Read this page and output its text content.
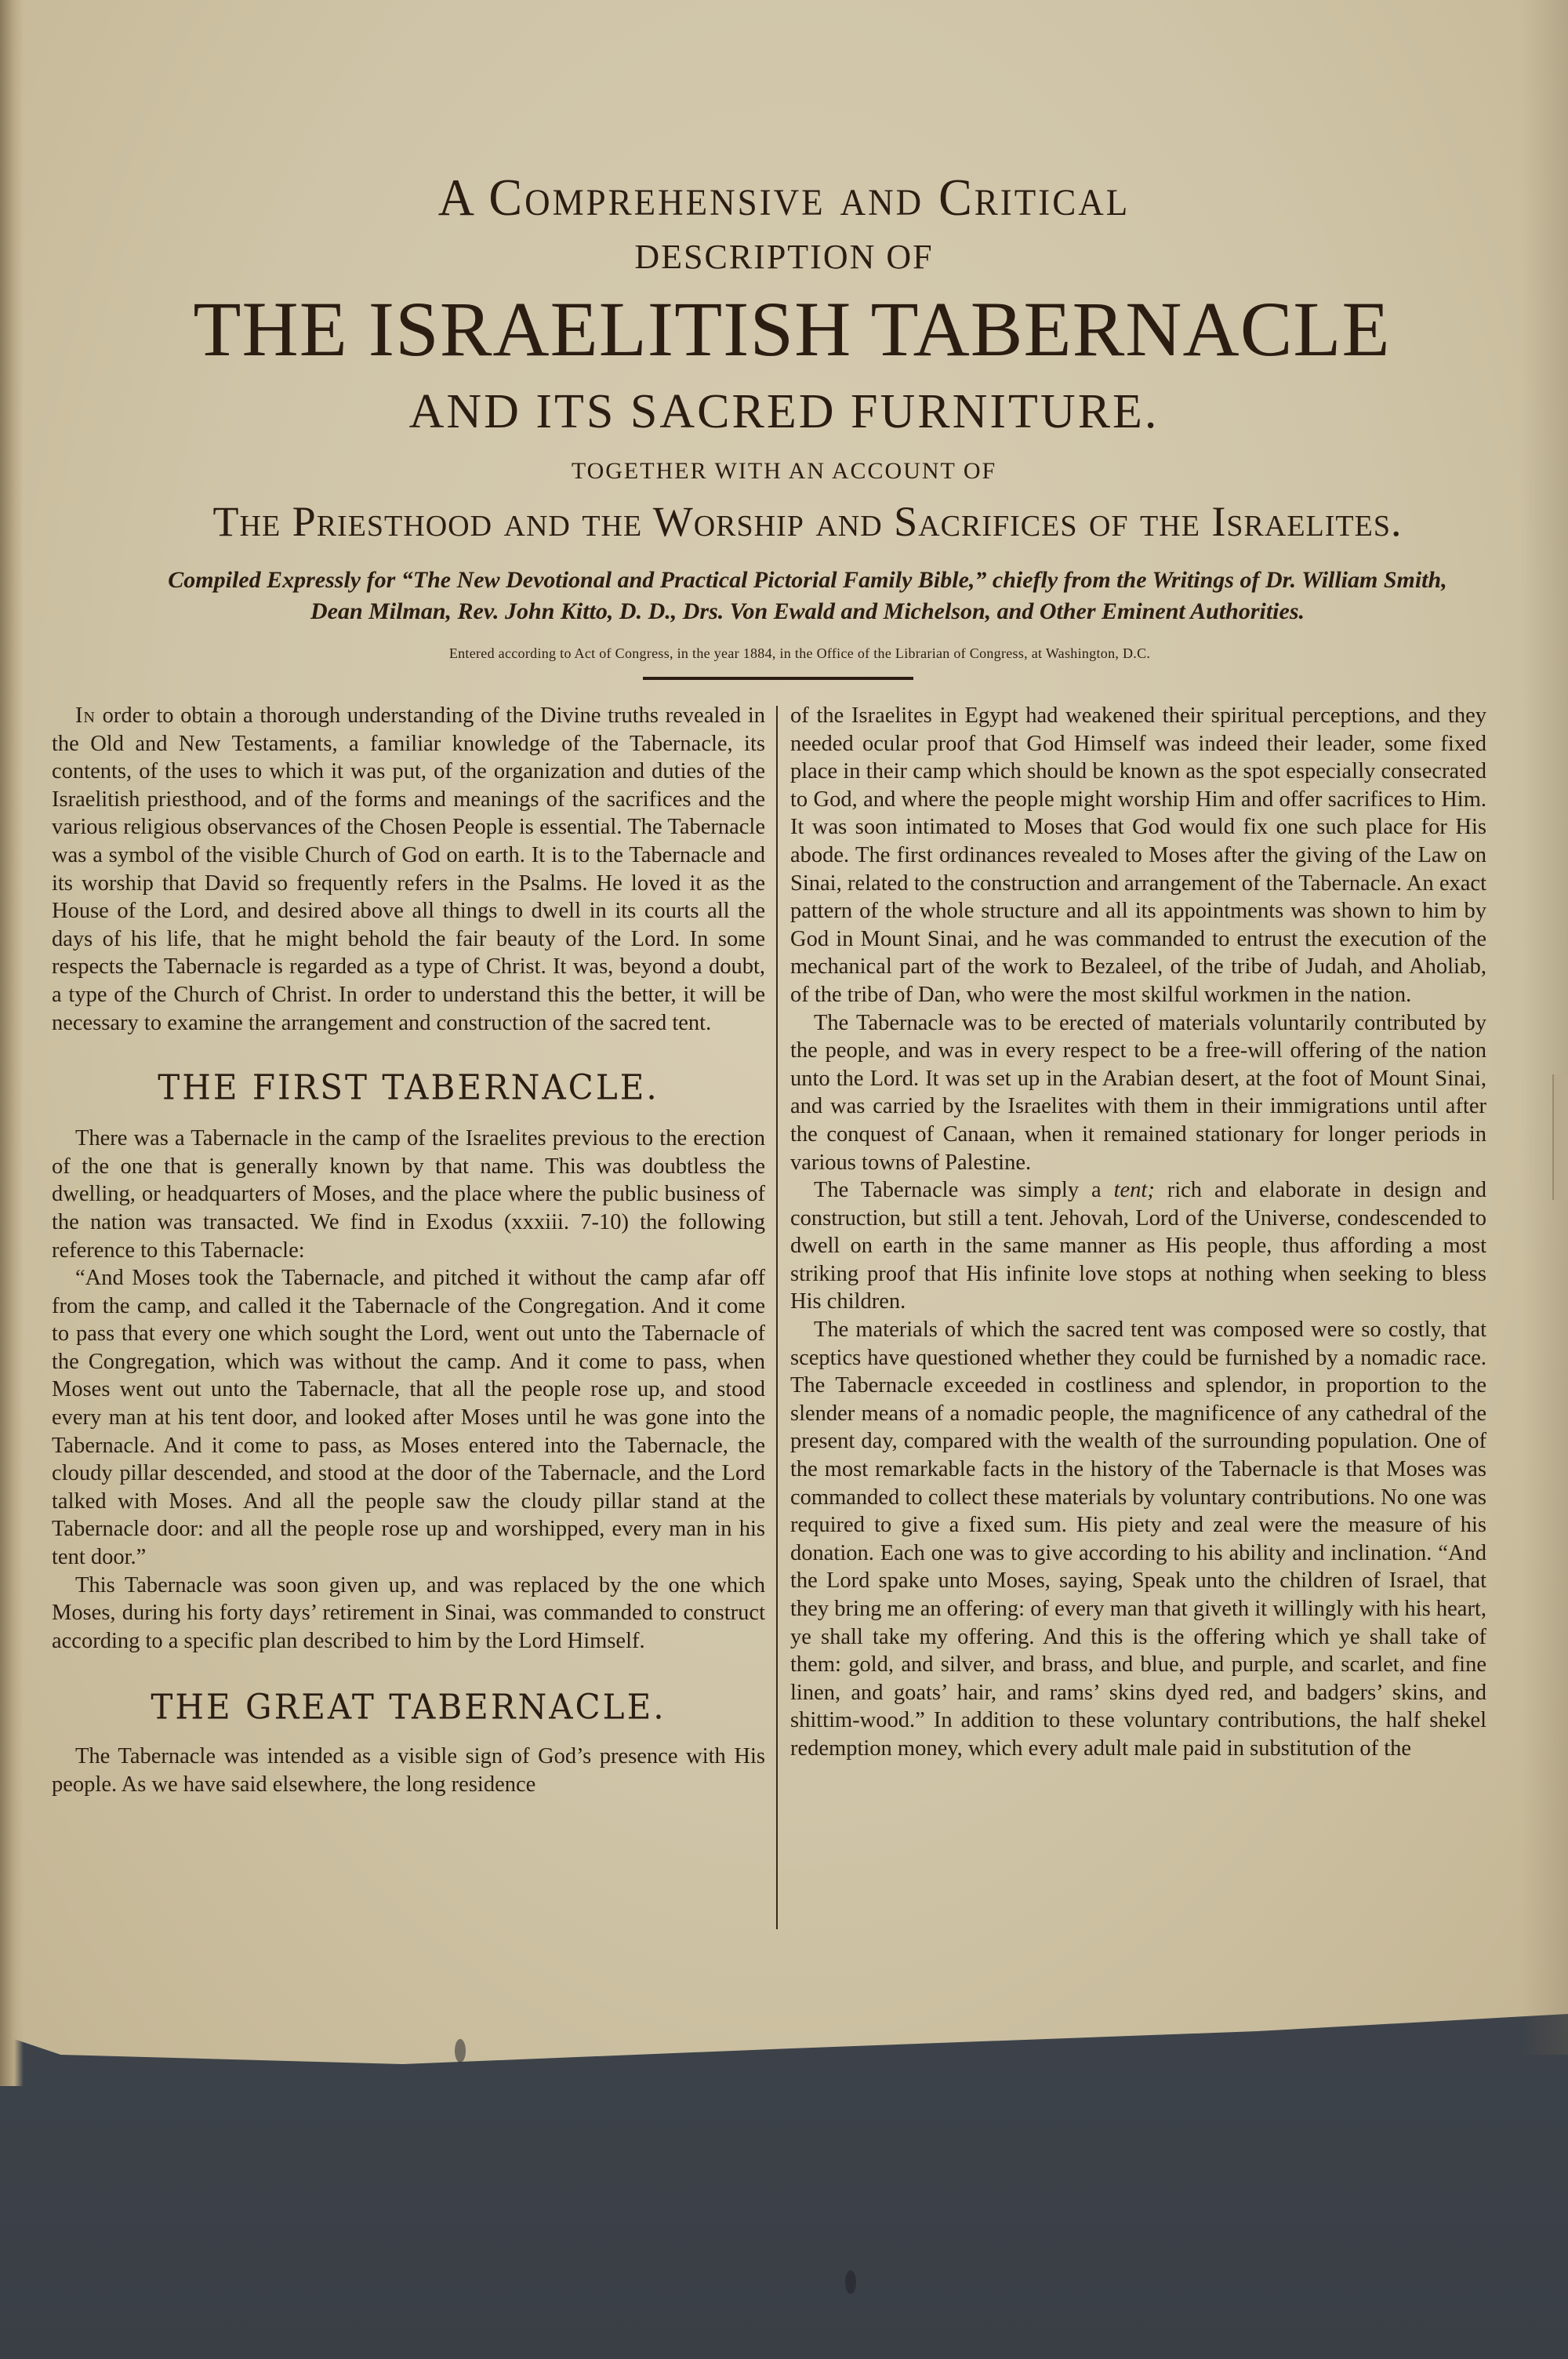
A Comprehensive and Critical
DESCRIPTION OF
THE ISRAELITISH TABERNACLE
AND ITS SACRED FURNITURE.
TOGETHER WITH AN ACCOUNT OF
The Priesthood and the Worship and Sacrifices of the Israelites.
Compiled Expressly for “The New Devotional and Practical Pictorial Family Bible,” chiefly from the Writings of Dr. William Smith,
Dean Milman, Rev. John Kitto, D. D., Drs. Von Ewald and Michelson, and Other Eminent Authorities.
Entered according to Act of Congress, in the year 1884, in the Office of the Librarian of Congress, at Washington, D.C.

In order to obtain a thorough understanding of the Divine truths revealed in the Old and New Testaments, a familiar knowledge of the Tabernacle, its contents, of the uses to which it was put, of the organization and duties of the Israelitish priesthood, and of the forms and meanings of the sacrifices and the various religious observances of the Chosen People is essential. The Tabernacle was a symbol of the visible Church of God on earth. It is to the Tabernacle and its worship that David so frequently refers in the Psalms. He loved it as the House of the Lord, and desired above all things to dwell in its courts all the days of his life, that he might behold the fair beauty of the Lord. In some respects the Tabernacle is regarded as a type of Christ. It was, beyond a doubt, a type of the Church of Christ. In order to understand this the better, it will be necessary to examine the arrangement and construction of the sacred tent.

THE FIRST TABERNACLE.

There was a Tabernacle in the camp of the Israelites previous to the erection of the one that is generally known by that name. This was doubtless the dwelling, or headquarters of Moses, and the place where the public business of the nation was transacted. We find in Exodus (xxxiii. 7-10) the following reference to this Tabernacle:

“And Moses took the Tabernacle, and pitched it without the camp afar off from the camp, and called it the Tabernacle of the Congregation. And it come to pass that every one which sought the Lord, went out unto the Tabernacle of the Congregation, which was without the camp. And it come to pass, when Moses went out unto the Tabernacle, that all the people rose up, and stood every man at his tent door, and looked after Moses until he was gone into the Tabernacle. And it come to pass, as Moses entered into the Tabernacle, the cloudy pillar descended, and stood at the door of the Tabernacle, and the Lord talked with Moses. And all the people saw the cloudy pillar stand at the Tabernacle door: and all the people rose up and worshipped, every man in his tent door.”

This Tabernacle was soon given up, and was replaced by the one which Moses, during his forty days’ retirement in Sinai, was commanded to construct according to a specific plan described to him by the Lord Himself.

THE GREAT TABERNACLE.

The Tabernacle was intended as a visible sign of God’s presence with His people. As we have said elsewhere, the long residence

of the Israelites in Egypt had weakened their spiritual perceptions, and they needed ocular proof that God Himself was indeed their leader, some fixed place in their camp which should be known as the spot especially consecrated to God, and where the people might worship Him and offer sacrifices to Him. It was soon intimated to Moses that God would fix one such place for His abode. The first ordinances revealed to Moses after the giving of the Law on Sinai, related to the construction and arrangement of the Tabernacle. An exact pattern of the whole structure and all its appointments was shown to him by God in Mount Sinai, and he was commanded to entrust the execution of the mechanical part of the work to Bezaleel, of the tribe of Judah, and Aholiab, of the tribe of Dan, who were the most skilful workmen in the nation.

The Tabernacle was to be erected of materials voluntarily contributed by the people, and was in every respect to be a free-will offering of the nation unto the Lord. It was set up in the Arabian desert, at the foot of Mount Sinai, and was carried by the Israelites with them in their immigrations until after the conquest of Canaan, when it remained stationary for longer periods in various towns of Palestine.

The Tabernacle was simply a tent; rich and elaborate in design and construction, but still a tent. Jehovah, Lord of the Universe, condescended to dwell on earth in the same manner as His people, thus affording a most striking proof that His infinite love stops at nothing when seeking to bless His children.

The materials of which the sacred tent was composed were so costly, that sceptics have questioned whether they could be furnished by a nomadic race. The Tabernacle exceeded in costliness and splendor, in proportion to the slender means of a nomadic people, the magnificence of any cathedral of the present day, compared with the wealth of the surrounding population. One of the most remarkable facts in the history of the Tabernacle is that Moses was commanded to collect these materials by voluntary contributions. No one was required to give a fixed sum. His piety and zeal were the measure of his donation. Each one was to give according to his ability and inclination. “And the Lord spake unto Moses, saying, Speak unto the children of Israel, that they bring me an offering: of every man that giveth it willingly with his heart, ye shall take my offering. And this is the offering which ye shall take of them: gold, and silver, and brass, and blue, and purple, and scarlet, and fine linen, and goats’ hair, and rams’ skins dyed red, and badgers’ skins, and shittim-wood.” In addition to these voluntary contributions, the half shekel redemption money, which every adult male paid in substitution of the
